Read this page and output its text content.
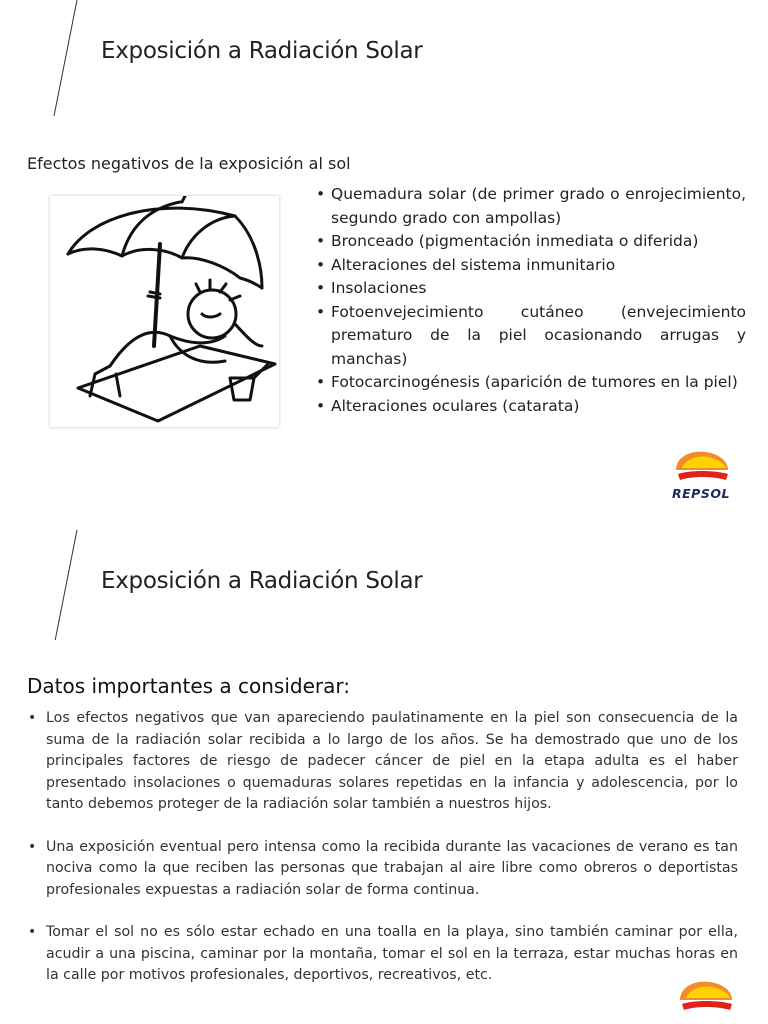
Exposición a Radiación Solar
Efectos negativos de la exposición al sol
• Quemadura solar (de primer grado o enrojecimiento, segundo grado con ampollas)
• Bronceado (pigmentación inmediata o diferida)
• Alteraciones del sistema inmunitario
• Insolaciones
• Fotoenvejecimiento cutáneo (envejecimiento prematuro de la piel ocasionando arrugas y manchas)
• Fotocarcinogénesis (aparición de tumores en la piel)
• Alteraciones oculares (catarata)
REPSOL
Exposición a Radiación Solar
Datos importantes a considerar:
• Los efectos negativos que van apareciendo paulatinamente en la piel son consecuencia de la suma de la radiación solar recibida a lo largo de los años. Se ha demostrado que uno de los principales factores de riesgo de padecer cáncer de piel en la etapa adulta es el haber presentado insolaciones o quemaduras solares repetidas en la infancia y adolescencia, por lo tanto debemos proteger de la radiación solar también a nuestros hijos.
• Una exposición eventual pero intensa como la recibida durante las vacaciones de verano es tan nociva como la que reciben las personas que trabajan al aire libre como obreros o deportistas profesionales expuestas a radiación solar de forma continua.
• Tomar el sol no es sólo estar echado en una toalla en la playa, sino también caminar por ella, acudir a una piscina, caminar por la montaña, tomar el sol en la terraza, estar muchas horas en la calle por motivos profesionales, deportivos, recreativos, etc.
